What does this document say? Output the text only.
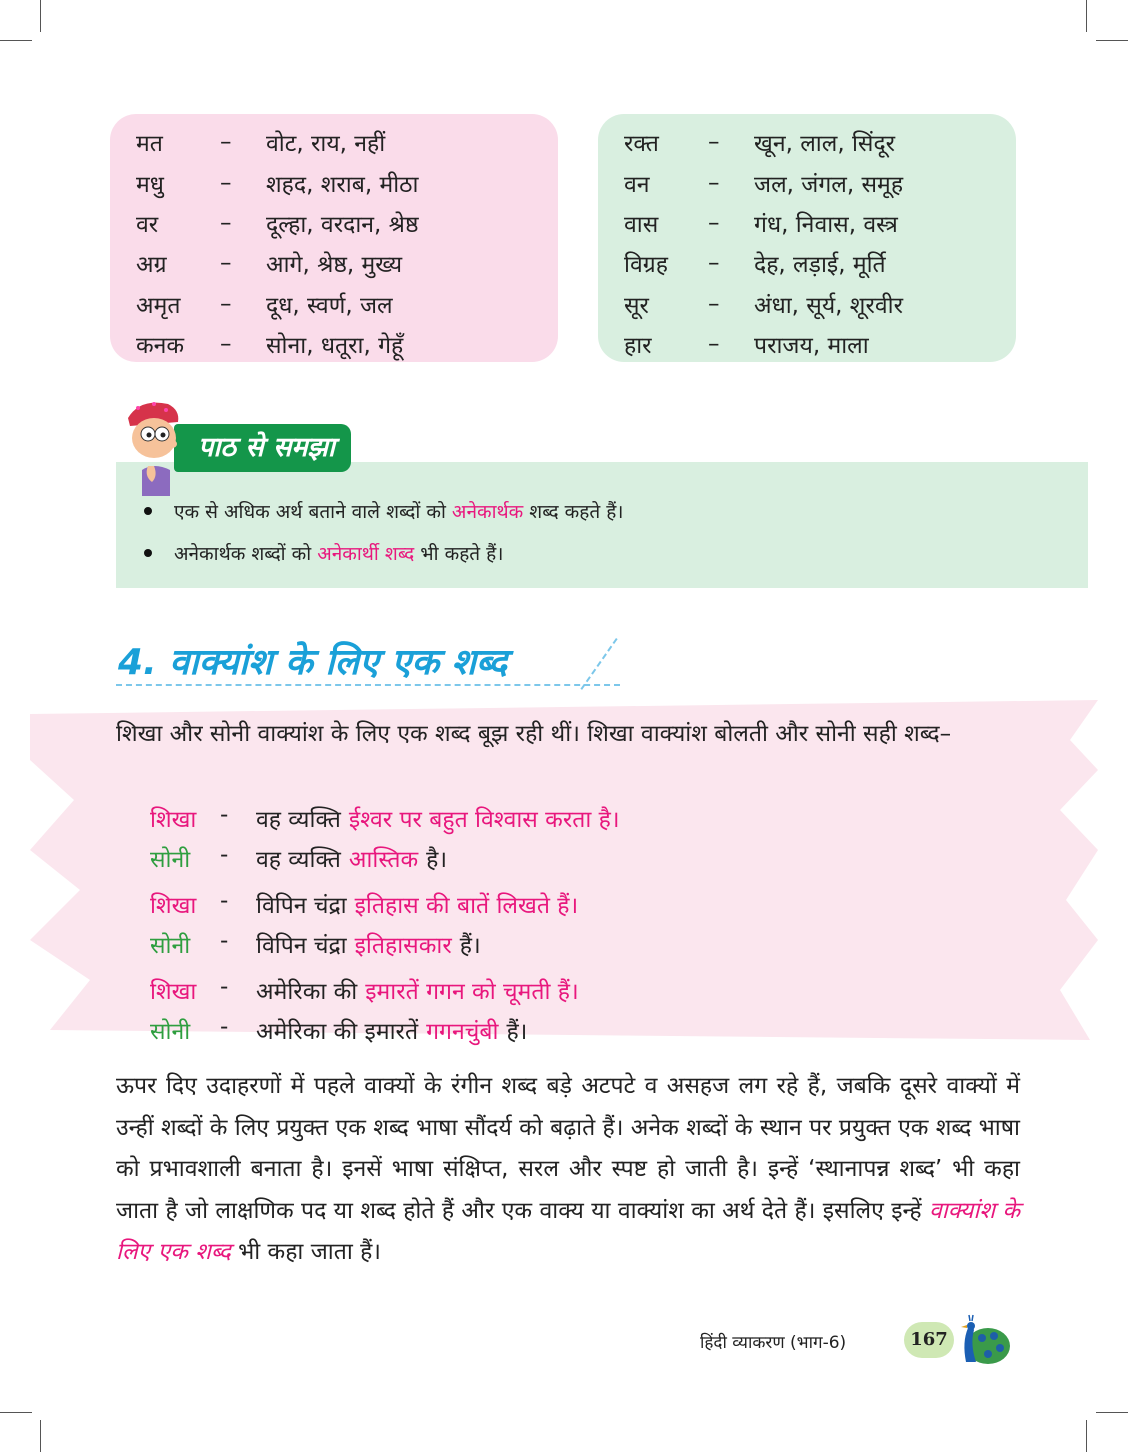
मत	–	वोट, राय, नहीं
मधु	–	शहद, शराब, मीठा
वर	–	दूल्हा, वरदान, श्रेष्ठ
अग्र	–	आगे, श्रेष्ठ, मुख्य
अमृत	–	दूध, स्वर्ण, जल
कनक	–	सोना, धतूरा, गेहूँ
रक्त	–	खून, लाल, सिंदूर
वन	–	जल, जंगल, समूह
वास	–	गंध, निवास, वस्त्र
विग्रह	–	देह, लड़ाई, मूर्ति
सूर	–	अंधा, सूर्य, शूरवीर
हार	–	पराजय, माला
पाठ से समझा
एक से अधिक अर्थ बताने वाले शब्दों को अनेकार्थक शब्द कहते हैं।
अनेकार्थक शब्दों को अनेकार्थी शब्द भी कहते हैं।
4. वाक्यांश के लिए एक शब्द
शिखा और सोनी वाक्यांश के लिए एक शब्द बूझ रही थीं। शिखा वाक्यांश बोलती और सोनी सही शब्द–
शिखा	-	वह व्यक्ति ईश्वर पर बहुत विश्वास करता है।
सोनी	-	वह व्यक्ति आस्तिक है।
शिखा	-	विपिन चंद्रा इतिहास की बातें लिखते हैं।
सोनी	-	विपिन चंद्रा इतिहासकार हैं।
शिखा	-	अमेरिका की इमारतें गगन को चूमती हैं।
सोनी	-	अमेरिका की इमारतें गगनचुंबी हैं।
ऊपर दिए उदाहरणों में पहले वाक्यों के रंगीन शब्द बड़े अटपटे व असहज लग रहे हैं, जबकि दूसरे वाक्यों में उन्हीं शब्दों के लिए प्रयुक्त एक शब्द भाषा सौंदर्य को बढ़ाते हैं। अनेक शब्दों के स्थान पर प्रयुक्त एक शब्द भाषा को प्रभावशाली बनाता है। इनसें भाषा संक्षिप्त, सरल और स्पष्ट हो जाती है। इन्हें ‘स्थानापन्न शब्द’ भी कहा जाता है जो लाक्षणिक पद या शब्द होते हैं और एक वाक्य या वाक्यांश का अर्थ देते हैं। इसलिए इन्हें वाक्यांश के लिए एक शब्द भी कहा जाता हैं।
हिंदी व्याकरण (भाग-6)	167
